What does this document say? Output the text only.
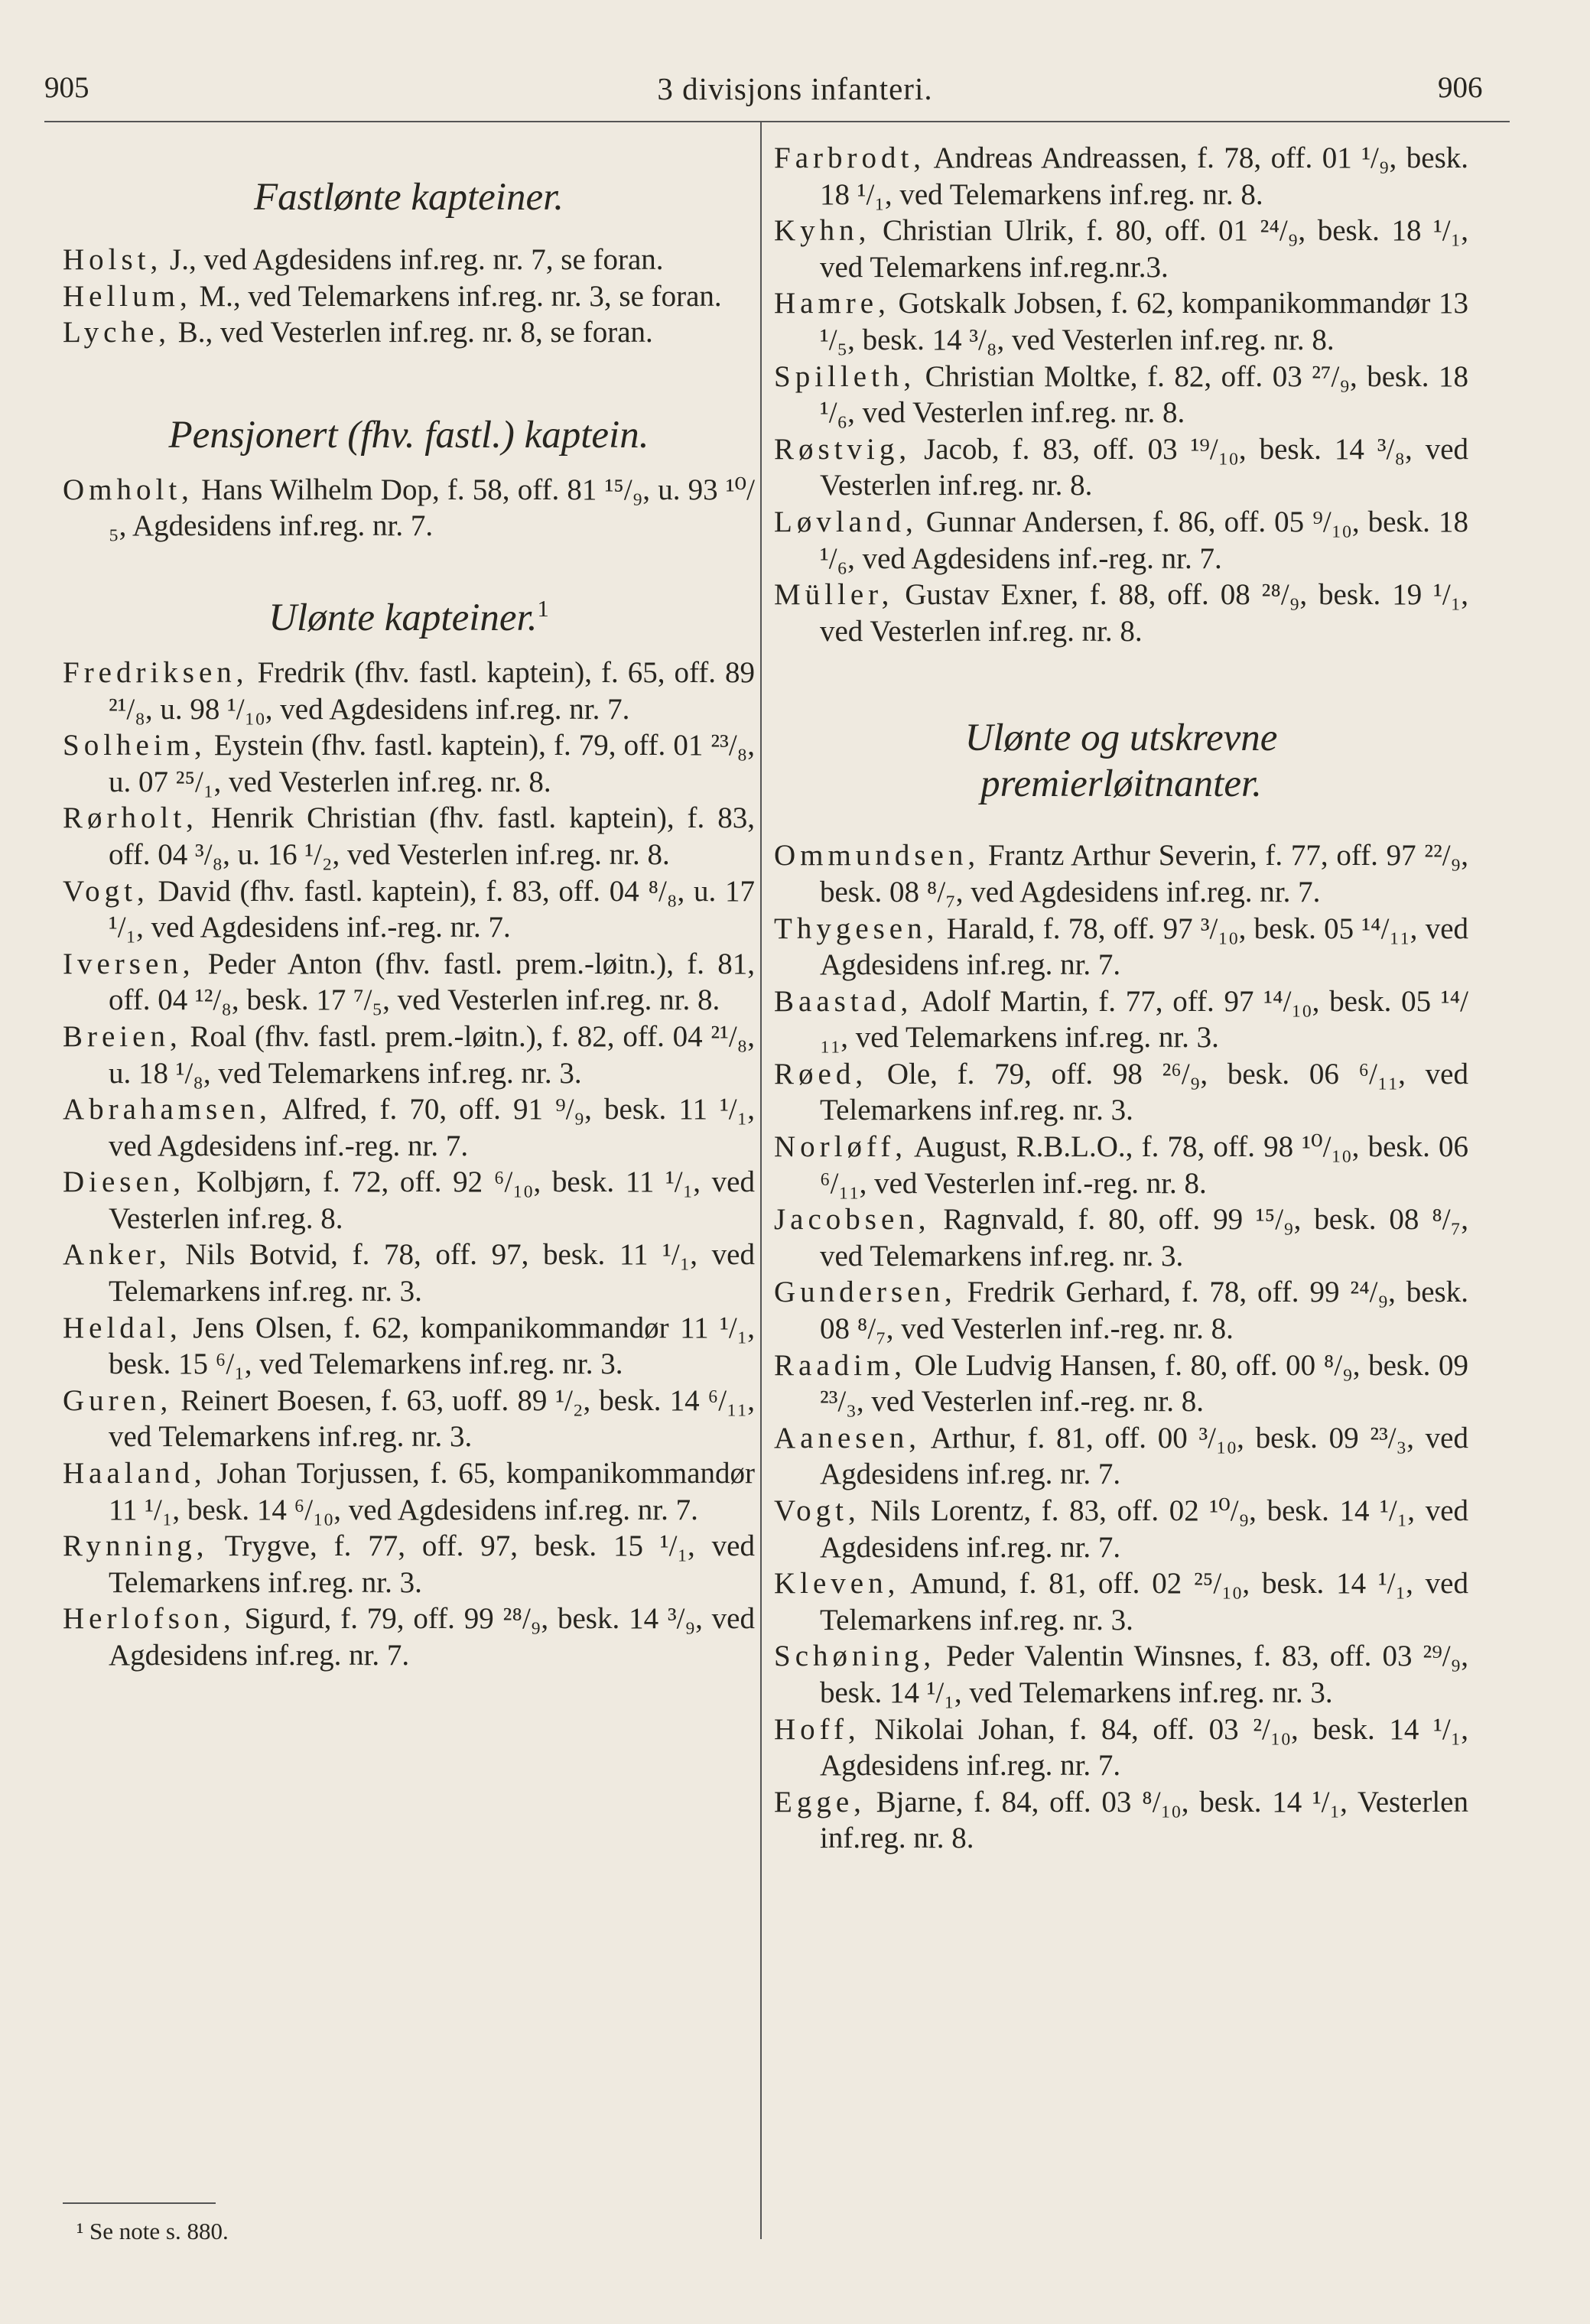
905	3 divisjons infanteri.	906

Fastlønte kapteiner.

Holst, J., ved Agdesidens inf.reg. nr. 7, se foran.

Hellum, M., ved Telemarkens inf.reg. nr. 3, se foran.

Lyche, B., ved Vesterlen inf.reg. nr. 8, se foran.

Pensjonert (fhv. fastl.) kaptein.

Omholt, Hans Wilhelm Dop, f. 58, off. 81 ¹⁵/₉, u. 93 ¹⁰/₅, Agdesidens inf.reg. nr. 7.

Ulønte kapteiner.$^1$

Fredriksen, Fredrik (fhv. fastl. kaptein), f. 65, off. 89 ²¹/₈, u. 98 ¹/₁₀, ved Agdesidens inf.reg. nr. 7.

Solheim, Eystein (fhv. fastl. kaptein), f. 79, off. 01 ²³/₈, u. 07 ²⁵/₁, ved Vesterlen inf.reg. nr. 8.

Rørholt, Henrik Christian (fhv. fastl. kaptein), f. 83, off. 04 ³/₈, u. 16 ¹/₂, ved Vesterlen inf.reg. nr. 8.

Vogt, David (fhv. fastl. kaptein), f. 83, off. 04 ⁸/₈, u. 17 ¹/₁, ved Agdesidens inf.-reg. nr. 7.

Iversen, Peder Anton (fhv. fastl. prem.-løitn.), f. 81, off. 04 ¹²/₈, besk. 17 ⁷/₅, ved Vesterlen inf.reg. nr. 8.

Breien, Roal (fhv. fastl. prem.-løitn.), f. 82, off. 04 ²¹/₈, u. 18 ¹/₈, ved Telemarkens inf.reg. nr. 3.

Abrahamsen, Alfred, f. 70, off. 91 ⁹/₉, besk. 11 ¹/₁, ved Agdesidens inf.-reg. nr. 7.

Diesen, Kolbjørn, f. 72, off. 92 ⁶/₁₀, besk. 11 ¹/₁, ved Vesterlen inf.reg. 8.

Anker, Nils Botvid, f. 78, off. 97, besk. 11 ¹/₁, ved Telemarkens inf.reg. nr. 3.

Heldal, Jens Olsen, f. 62, kompanikommandør 11 ¹/₁, besk. 15 ⁶/₁, ved Telemarkens inf.reg. nr. 3.

Guren, Reinert Boesen, f. 63, uoff. 89 ¹/₂, besk. 14 ⁶/₁₁, ved Telemarkens inf.reg. nr. 3.

Haaland, Johan Torjussen, f. 65, kompanikommandør 11 ¹/₁, besk. 14 ⁶/₁₀, ved Agdesidens inf.reg. nr. 7.

Rynning, Trygve, f. 77, off. 97, besk. 15 ¹/₁, ved Telemarkens inf.reg. nr. 3.

Herlofson, Sigurd, f. 79, off. 99 ²⁸/₉, besk. 14 ³/₉, ved Agdesidens inf.reg. nr. 7.

¹ Se note s. 880.

Farbrodt, Andreas Andreassen, f. 78, off. 01 ¹/₉, besk. 18 ¹/₁, ved Telemarkens inf.reg. nr. 8.

Kyhn, Christian Ulrik, f. 80, off. 01 ²⁴/₉, besk. 18 ¹/₁, ved Telemarkens inf.reg.nr.3.

Hamre, Gotskalk Jobsen, f. 62, kompanikommandør 13 ¹/₅, besk. 14 ³/₈, ved Vesterlen inf.reg. nr. 8.

Spilleth, Christian Moltke, f. 82, off. 03 ²⁷/₉, besk. 18 ¹/₆, ved Vesterlen inf.reg. nr. 8.

Røstvig, Jacob, f. 83, off. 03 ¹⁹/₁₀, besk. 14 ³/₈, ved Vesterlen inf.reg. nr. 8.

Løvland, Gunnar Andersen, f. 86, off. 05 ⁹/₁₀, besk. 18 ¹/₆, ved Agdesidens inf.-reg. nr. 7.

Müller, Gustav Exner, f. 88, off. 08 ²⁸/₉, besk. 19 ¹/₁, ved Vesterlen inf.reg. nr. 8.

Ulønte og utskrevne premierløitnanter.

Ommundsen, Frantz Arthur Severin, f. 77, off. 97 ²²/₉, besk. 08 ⁸/₇, ved Agdesidens inf.reg. nr. 7.

Thygesen, Harald, f. 78, off. 97 ³/₁₀, besk. 05 ¹⁴/₁₁, ved Agdesidens inf.reg. nr. 7.

Baastad, Adolf Martin, f. 77, off. 97 ¹⁴/₁₀, besk. 05 ¹⁴/₁₁, ved Telemarkens inf.reg. nr. 3.

Røed, Ole, f. 79, off. 98 ²⁶/₉, besk. 06 ⁶/₁₁, ved Telemarkens inf.reg. nr. 3.

Norløff, August, R.B.L.O., f. 78, off. 98 ¹⁰/₁₀, besk. 06 ⁶/₁₁, ved Vesterlen inf.-reg. nr. 8.

Jacobsen, Ragnvald, f. 80, off. 99 ¹⁵/₉, besk. 08 ⁸/₇, ved Telemarkens inf.reg. nr. 3.

Gundersen, Fredrik Gerhard, f. 78, off. 99 ²⁴/₉, besk. 08 ⁸/₇, ved Vesterlen inf.-reg. nr. 8.

Raadim, Ole Ludvig Hansen, f. 80, off. 00 ⁸/₉, besk. 09 ²³/₃, ved Vesterlen inf.-reg. nr. 8.

Aanesen, Arthur, f. 81, off. 00 ³/₁₀, besk. 09 ²³/₃, ved Agdesidens inf.reg. nr. 7.

Vogt, Nils Lorentz, f. 83, off. 02 ¹⁰/₉, besk. 14 ¹/₁, ved Agdesidens inf.reg. nr. 7.

Kleven, Amund, f. 81, off. 02 ²⁵/₁₀, besk. 14 ¹/₁, ved Telemarkens inf.reg. nr. 3.

Schøning, Peder Valentin Winsnes, f. 83, off. 03 ²⁹/₉, besk. 14 ¹/₁, ved Telemarkens inf.reg. nr. 3.

Hoff, Nikolai Johan, f. 84, off. 03 ²/₁₀, besk. 14 ¹/₁, Agdesidens inf.reg. nr. 7.

Egge, Bjarne, f. 84, off. 03 ⁸/₁₀, besk. 14 ¹/₁, Vesterlen inf.reg. nr. 8.
